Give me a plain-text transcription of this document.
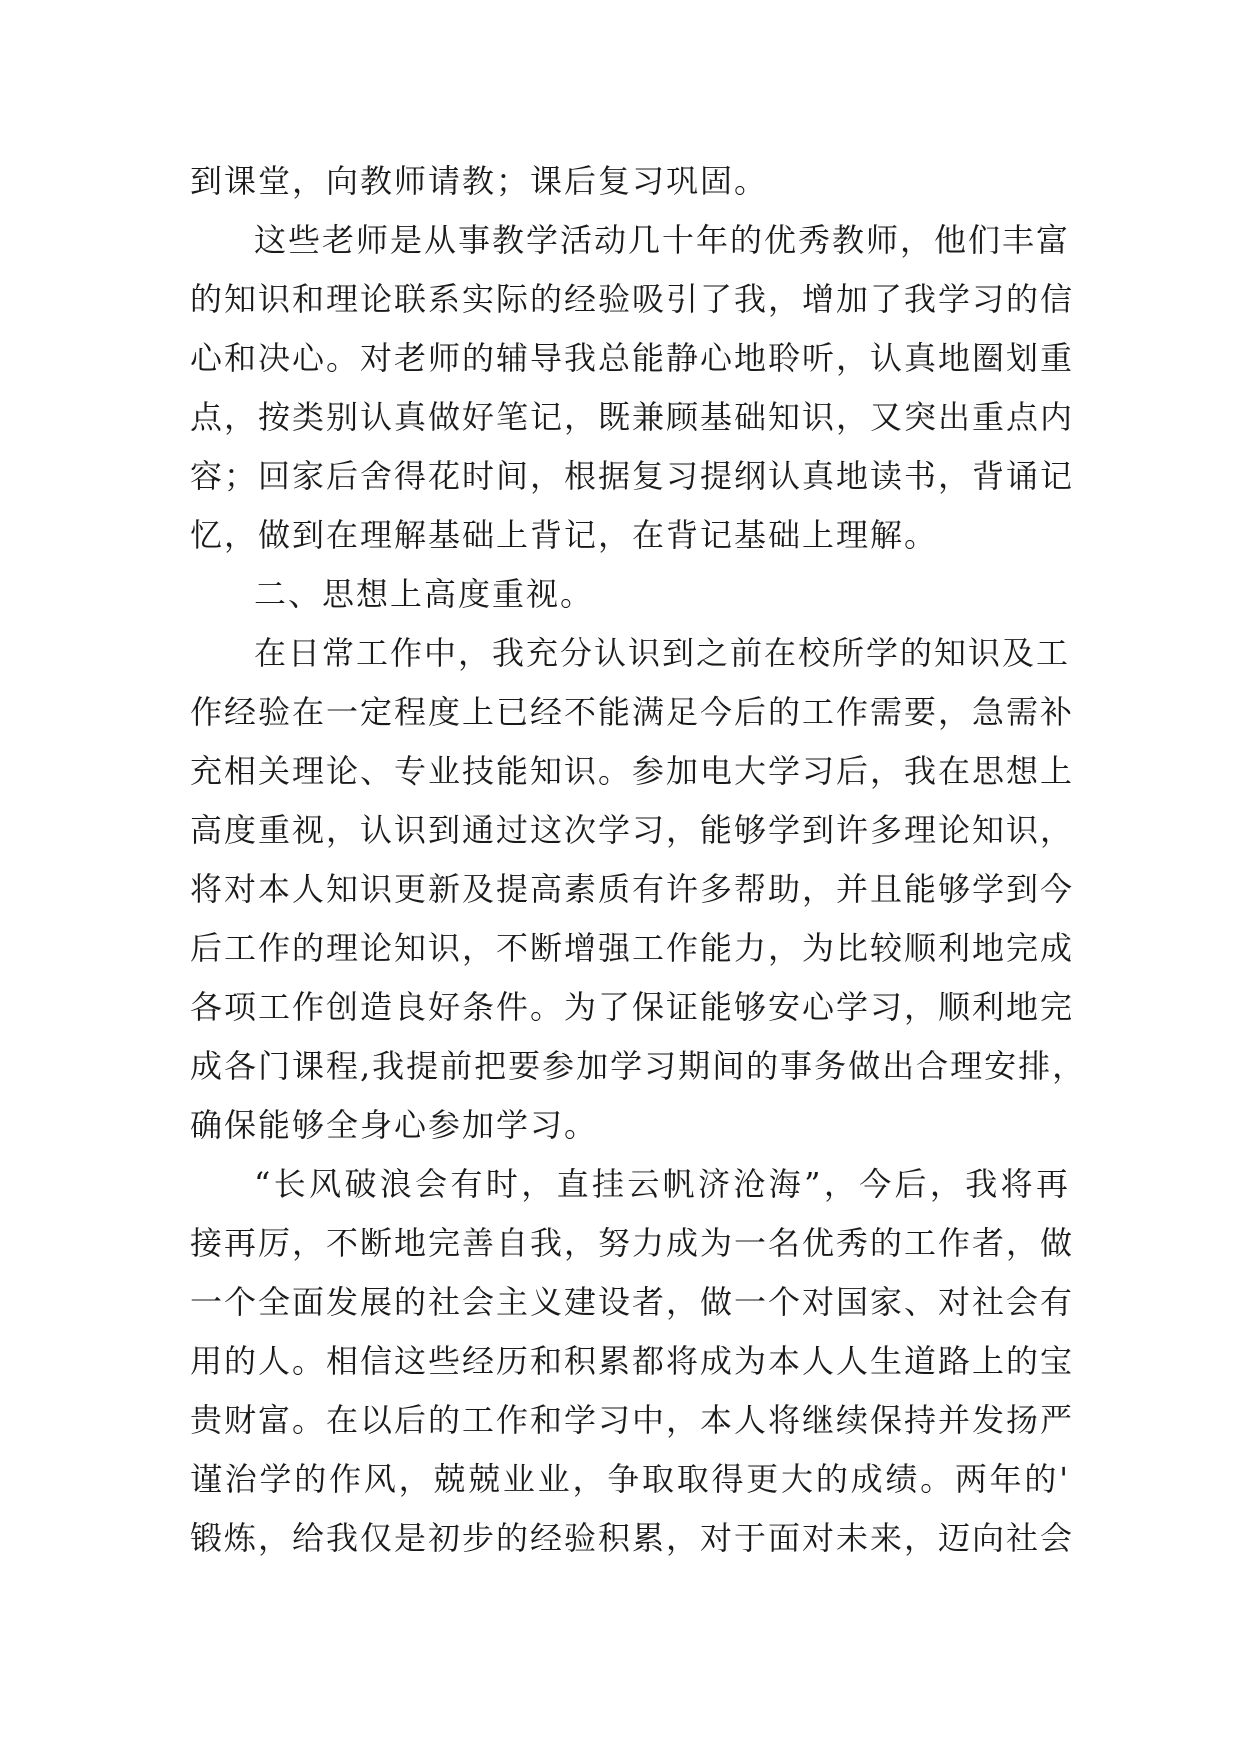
到课堂，向教师请教；课后复习巩固。
这些老师是从事教学活动几十年的优秀教师，他们丰富
的知识和理论联系实际的经验吸引了我，增加了我学习的信
心和决心。对老师的辅导我总能静心地聆听，认真地圈划重
点，按类别认真做好笔记，既兼顾基础知识，又突出重点内
容；回家后舍得花时间，根据复习提纲认真地读书，背诵记
忆，做到在理解基础上背记，在背记基础上理解。
二、思想上高度重视。
在日常工作中，我充分认识到之前在校所学的知识及工
作经验在一定程度上已经不能满足今后的工作需要，急需补
充相关理论、专业技能知识。参加电大学习后，我在思想上
高度重视，认识到通过这次学习，能够学到许多理论知识，
将对本人知识更新及提高素质有许多帮助，并且能够学到今
后工作的理论知识，不断增强工作能力，为比较顺利地完成
各项工作创造良好条件。为了保证能够安心学习，顺利地完
成各门课程,我提前把要参加学习期间的事务做出合理安排，
确保能够全身心参加学习。
“长风破浪会有时，直挂云帆济沧海”，今后，我将再
接再厉，不断地完善自我，努力成为一名优秀的工作者，做
一个全面发展的社会主义建设者，做一个对国家、对社会有
用的人。相信这些经历和积累都将成为本人人生道路上的宝
贵财富。在以后的工作和学习中，本人将继续保持并发扬严
谨治学的作风，兢兢业业，争取取得更大的成绩。两年的'
锻炼，给我仅是初步的经验积累，对于面对未来，迈向社会
